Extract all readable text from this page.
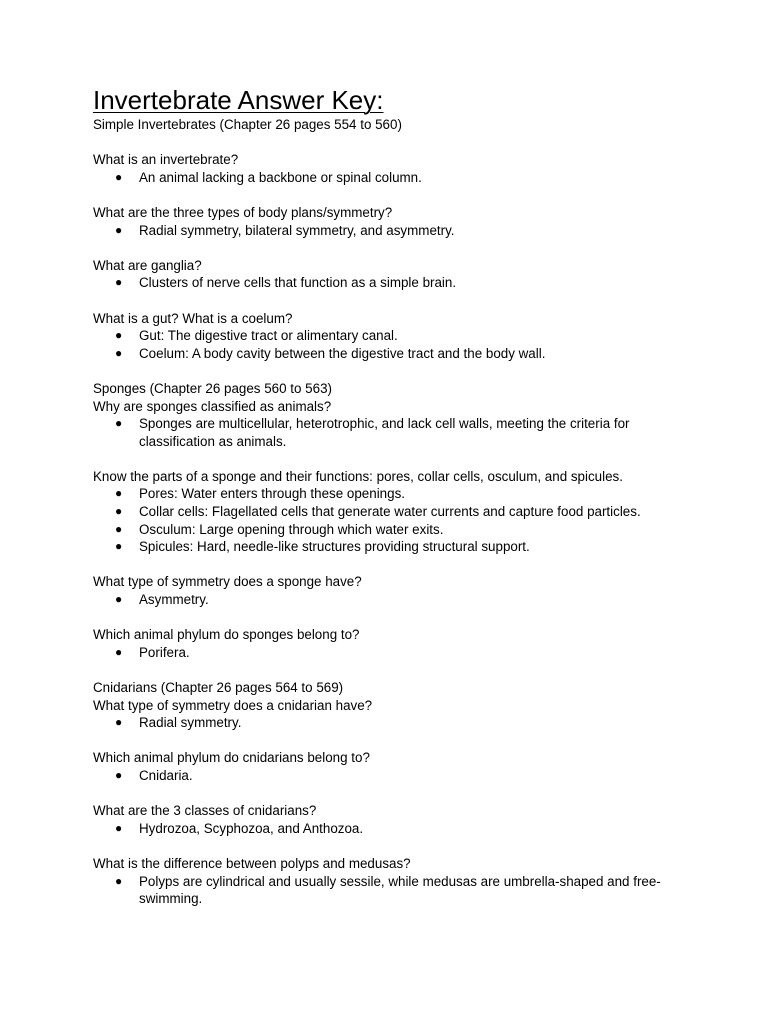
Invertebrate Answer Key:

Simple Invertebrates (Chapter 26 pages 554 to 560)

What is an invertebrate?

● An animal lacking a backbone or spinal column.

What are the three types of body plans/symmetry?

● Radial symmetry, bilateral symmetry, and asymmetry.

What are ganglia?

● Clusters of nerve cells that function as a simple brain.

What is a gut? What is a coelum?

● Gut: The digestive tract or alimentary canal.
● Coelum: A body cavity between the digestive tract and the body wall.

Sponges (Chapter 26 pages 560 to 563)

Why are sponges classified as animals?

● Sponges are multicellular, heterotrophic, and lack cell walls, meeting the criteria for classification as animals.

Know the parts of a sponge and their functions: pores, collar cells, osculum, and spicules.

● Pores: Water enters through these openings.
● Collar cells: Flagellated cells that generate water currents and capture food particles.
● Osculum: Large opening through which water exits.
● Spicules: Hard, needle-like structures providing structural support.

What type of symmetry does a sponge have?

● Asymmetry.

Which animal phylum do sponges belong to?

● Porifera.

Cnidarians (Chapter 26 pages 564 to 569)

What type of symmetry does a cnidarian have?

● Radial symmetry.

Which animal phylum do cnidarians belong to?

● Cnidaria.

What are the 3 classes of cnidarians?

● Hydrozoa, Scyphozoa, and Anthozoa.

What is the difference between polyps and medusas?

● Polyps are cylindrical and usually sessile, while medusas are umbrella-shaped and free-swimming.
